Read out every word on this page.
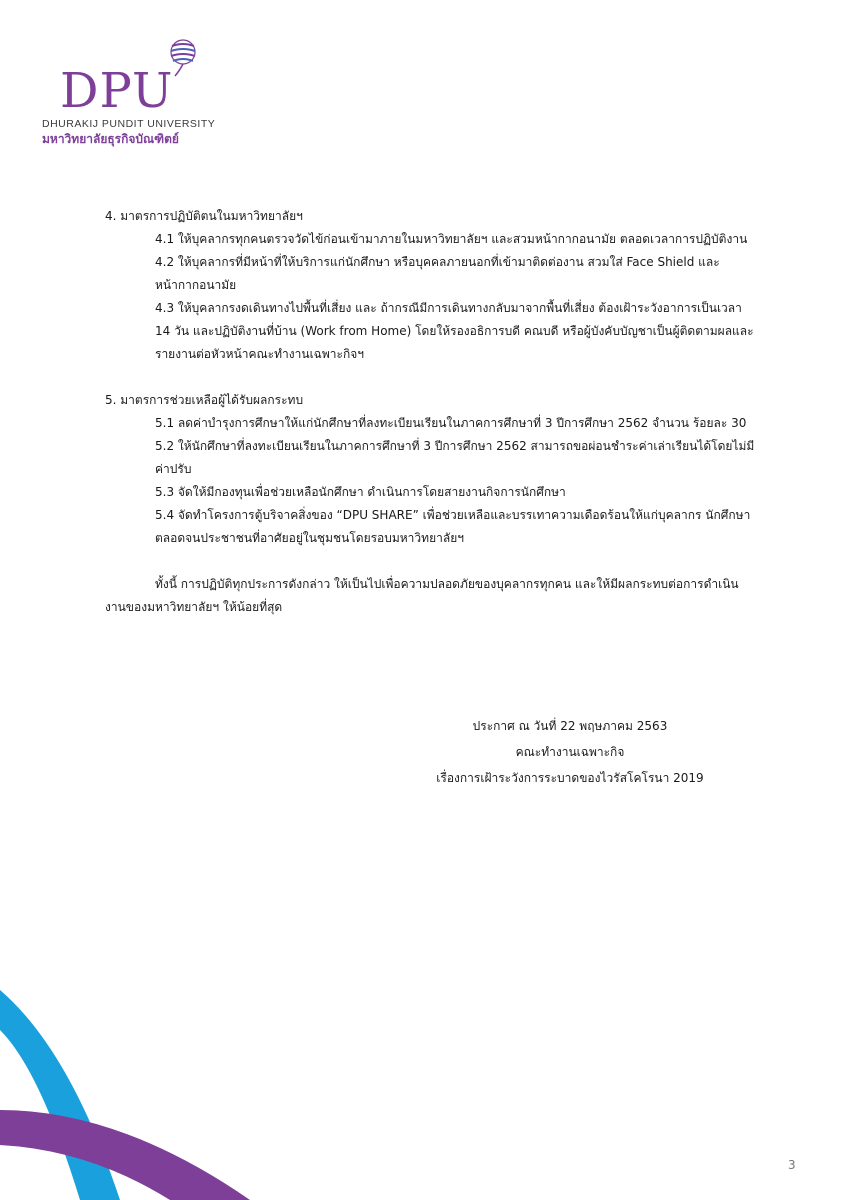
DPU
DHURAKIJ PUNDIT UNIVERSITY
มหาวิทยาลัยธุรกิจบัณฑิตย์

4. มาตรการปฏิบัติตนในมหาวิทยาลัยฯ

4.1 ให้บุคลากรทุกคนตรวจวัดไข้ก่อนเข้ามาภายในมหาวิทยาลัยฯ และสวมหน้ากากอนามัย ตลอดเวลาการปฏิบัติงาน

4.2 ให้บุคลากรที่มีหน้าที่ให้บริการแก่นักศึกษา หรือบุคคลภายนอกที่เข้ามาติดต่องาน สวมใส่ Face Shield และหน้ากากอนามัย

4.3 ให้บุคลากรงดเดินทางไปพื้นที่เสี่ยง และ ถ้ากรณีมีการเดินทางกลับมาจากพื้นที่เสี่ยง ต้องเฝ้าระวังอาการเป็นเวลา 14 วัน และปฏิบัติงานที่บ้าน (Work from Home) โดยให้รองอธิการบดี คณบดี หรือผู้บังคับบัญชาเป็นผู้ติดตามผลและรายงานต่อหัวหน้าคณะทำงานเฉพาะกิจฯ

5. มาตรการช่วยเหลือผู้ได้รับผลกระทบ

5.1 ลดค่าบำรุงการศึกษาให้แก่นักศึกษาที่ลงทะเบียนเรียนในภาคการศึกษาที่ 3 ปีการศึกษา 2562 จำนวน ร้อยละ 30

5.2 ให้นักศึกษาที่ลงทะเบียนเรียนในภาคการศึกษาที่ 3 ปีการศึกษา 2562 สามารถขอผ่อนชำระค่าเล่าเรียนได้โดยไม่มีค่าปรับ

5.3 จัดให้มีกองทุนเพื่อช่วยเหลือนักศึกษา ดำเนินการโดยสายงานกิจการนักศึกษา

5.4 จัดทำโครงการตู้บริจาคสิ่งของ “DPU SHARE” เพื่อช่วยเหลือและบรรเทาความเดือดร้อนให้แก่บุคลากร นักศึกษาตลอดจนประชาชนที่อาศัยอยู่ในชุมชนโดยรอบมหาวิทยาลัยฯ

ทั้งนี้ การปฏิบัติทุกประการดังกล่าว ให้เป็นไปเพื่อความปลอดภัยของบุคลากรทุกคน และให้มีผลกระทบต่อการดำเนินงานของมหาวิทยาลัยฯ ให้น้อยที่สุด

ประกาศ ณ วันที่ 22 พฤษภาคม 2563
คณะทำงานเฉพาะกิจ
เรื่องการเฝ้าระวังการระบาดของไวรัสโคโรนา 2019
3
